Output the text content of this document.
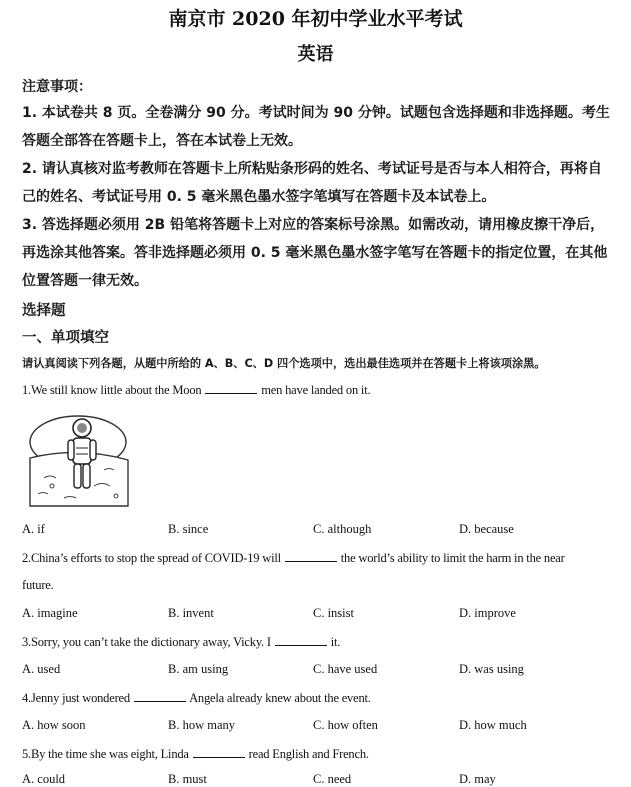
南京市 2020 年初中学业水平考试
英语
注意事项：
1. 本试卷共 8 页。全卷满分 90 分。考试时间为 90 分钟。试题包含选择题和非选择题。考生答题全部答在答题卡上，答在本试卷上无效。
2. 请认真核对监考教师在答题卡上所粘贴条形码的姓名、考试证号是否与本人相符合，再将自己的姓名、考试证号用 0. 5 毫米黑色墨水签字笔填写在答题卡及本试卷上。
3. 答选择题必须用 2B 铅笔将答题卡上对应的答案标号涂黑。如需改动，请用橡皮擦干净后，再选涂其他答案。答非选择题必须用 0. 5 毫米黑色墨水签字笔写在答题卡的指定位置，在其他位置答题一律无效。
选择题
一、单项填空
请认真阅读下列各题，从题中所给的 A、B、C、D 四个选项中，选出最佳选项并在答题卡上将该项涂黑。
1.We still know little about the Moon	men have landed on it.
A. if	B. since	C. although	D. because
2.China’s efforts to stop the spread of COVID-19 will	the world’s ability to limit the harm in the near
future.
A. imagine	B. invent	C. insist	D. improve
3.Sorry, you can’t take the dictionary away, Vicky. I	it.
A. used	B. am using	C. have used	D. was using
4.Jenny just wondered	Angela already knew about the event.
A. how soon	B. how many	C. how often	D. how much
5.By the time she was eight, Linda	read English and French.
A. could	B. must	C. need	D. may
